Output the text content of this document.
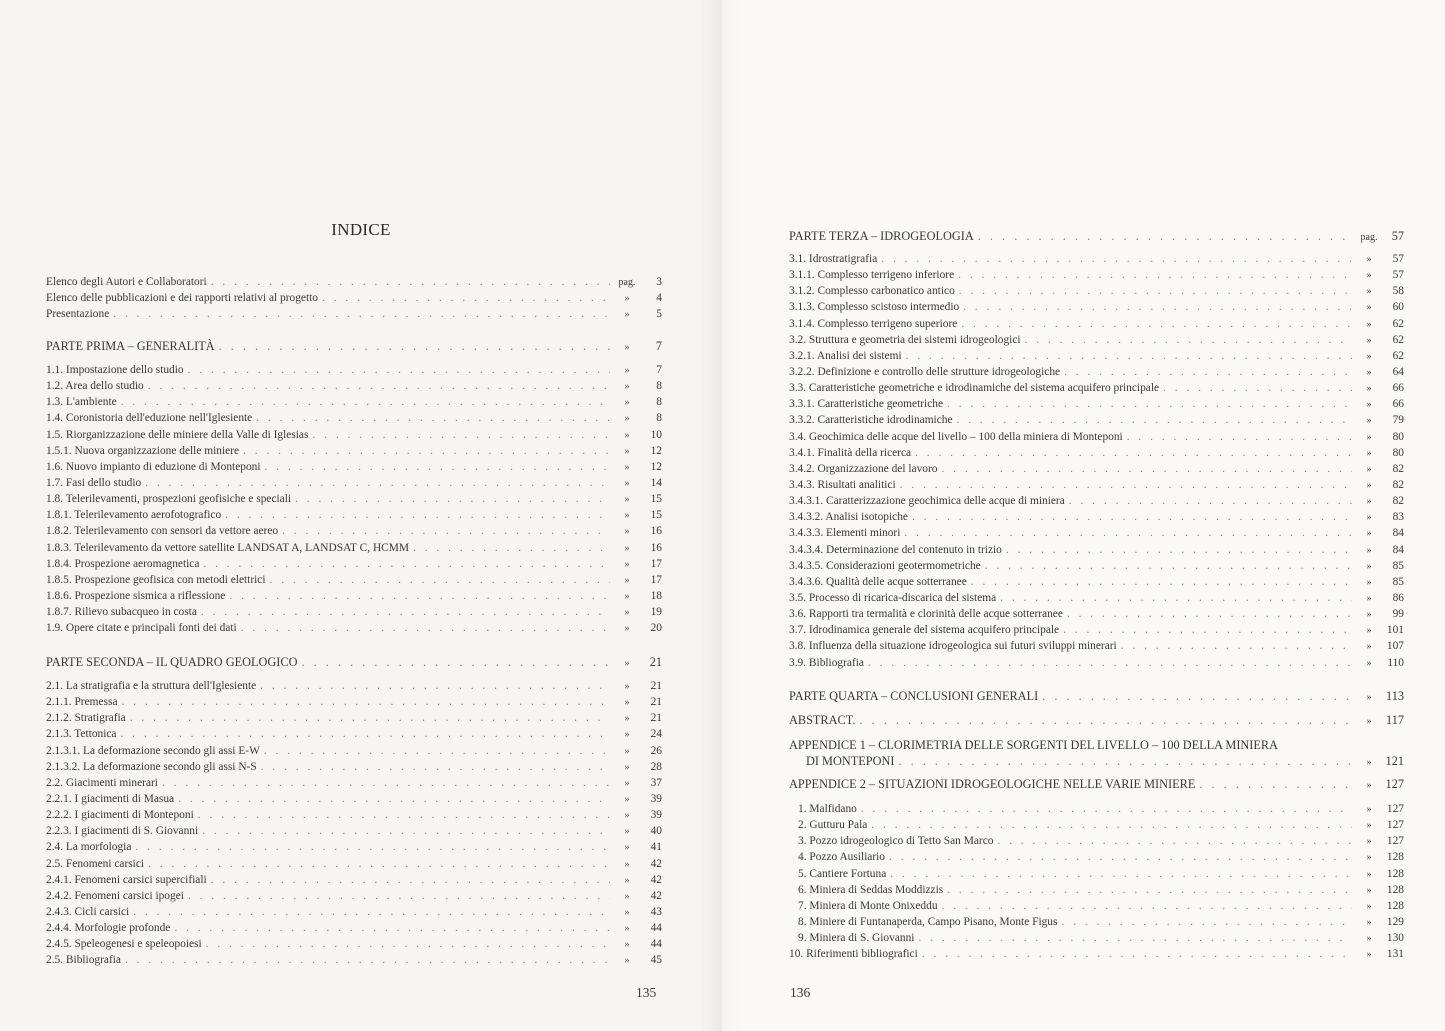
INDICE
Elenco degli Autori e Collaboratori . . .	pag.	3
Elenco delle pubblicazioni e dei rapporti relativi al progetto . . .	»	4
Presentazione . . .	»	5
PARTE PRIMA – GENERALITÀ . . .	»	7
1.1. Impostazione dello studio . . .	»	7
1.2. Area dello studio . . .	»	8
1.3. L'ambiente . . .	»	8
1.4. Coronistoria dell'eduzione nell'Iglesiente . . .	»	8
1.5. Riorganizzazione delle miniere della Valle di Iglesias . . .	»	10
1.5.1. Nuova organizzazione delle miniere . . .	»	12
1.6. Nuovo impianto di eduzione di Monteponi . . .	»	12
1.7. Fasi dello studio . . .	»	14
1.8. Telerilevamenti, prospezioni geofisiche e speciali . . .	»	15
1.8.1. Telerilevamento aerofotografico . . .	»	15
1.8.2. Telerilevamento con sensori da vettore aereo . . .	»	16
1.8.3. Telerilevamento da vettore satellite LANDSAT A, LANDSAT C, HCMM . . .	»	16
1.8.4. Prospezione aeromagnetica . . .	»	17
1.8.5. Prospezione geofisica con metodi elettrici . . .	»	17
1.8.6. Prospezione sismica a riflessione . . .	»	18
1.8.7. Rilievo subacqueo in costa . . .	»	19
1.9. Opere citate e principali fonti dei dati . . .	»	20
PARTE SECONDA – IL QUADRO GEOLOGICO . . .	»	21
2.1. La stratigrafia e la struttura dell'Iglesiente . . .	»	21
2.1.1. Premessa . . .	»	21
2.1.2. Stratigrafia . . .	»	21
2.1.3. Tettonica . . .	»	24
2.1.3.1. La deformazione secondo gli assi E-W . . .	»	26
2.1.3.2. La deformazione secondo gli assi N-S . . .	»	28
2.2. Giacimenti minerari . . .	»	37
2.2.1. I giacimenti di Masua . . .	»	39
2.2.2. I giacimenti di Monteponi . . .	»	39
2.2.3. I giacimenti di S. Giovanni . . .	»	40
2.4. La morfologia . . .	»	41
2.5. Fenomeni carsici . . .	»	42
2.4.1. Fenomeni carsici supercifiali . . .	»	42
2.4.2. Fenomeni carsici ipogei . . .	»	42
2.4.3. Cicli carsici . . .	»	43
2.4.4. Morfologie profonde . . .	»	44
2.4.5. Speleogenesi e speleopoiesi . . .	»	44
2.5. Bibliografia . . .	»	45
135
PARTE TERZA – IDROGEOLOGIA . . .	pag.	57
3.1. Idrostratigrafia . . .	»	57
3.1.1. Complesso terrigeno inferiore . . .	»	57
3.1.2. Complesso carbonatico antico . . .	»	58
3.1.3. Complesso scistoso intermedio . . .	»	60
3.1.4. Complesso terrigeno superiore . . .	»	62
3.2. Struttura e geometria dei sistemi idrogeologici . . .	»	62
3.2.1. Analisi dei sistemi . . .	»	62
3.2.2. Definizione e controllo delle strutture idrogeologiche . . .	»	64
3.3. Caratteristiche geometriche e idrodinamiche del sistema acquifero principale . . .	»	66
3.3.1. Caratteristiche geometriche . . .	»	66
3.3.2. Caratteristiche idrodinamiche . . .	»	79
3.4. Geochimica delle acque del livello – 100 della miniera di Monteponi . . .	»	80
3.4.1. Finalità della ricerca . . .	»	80
3.4.2. Organizzazione del lavoro . . .	»	82
3.4.3. Risultati analitici . . .	»	82
3.4.3.1. Caratterizzazione geochimica delle acque di miniera . . .	»	82
3.4.3.2. Analisi isotopiche . . .	»	83
3.4.3.3. Elementi minori . . .	»	84
3.4.3.4. Determinazione del contenuto in trizio . . .	»	84
3.4.3.5. Considerazioni geotermometriche . . .	»	85
3.4.3.6. Qualità delle acque sotterranee . . .	»	85
3.5. Processo di ricarica-discarica del sistema . . .	»	86
3.6. Rapporti tra termalità e clorinità delle acque sotterranee . . .	»	99
3.7. Idrodinamica generale del sistema acquifero principale . . .	»	101
3.8. Influenza della situazione idrogeologica sui futuri sviluppi minerari . . .	»	107
3.9. Bibliografia . . .	»	110
PARTE QUARTA – CONCLUSIONI GENERALI . . .	»	113
ABSTRACT. . . .	»	117
APPENDICE 1 – CLORIMETRIA DELLE SORGENTI DEL LIVELLO – 100 DELLA MINIERA
DI MONTEPONI . . .	»	121
APPENDICE 2 – SITUAZIONI IDROGEOLOGICHE NELLE VARIE MINIERE . . .	»	127
1. Malfidano . . .	»	127
2. Gutturu Pala . . .	»	127
3. Pozzo idrogeologico di Tetto San Marco . . .	»	127
4. Pozzo Ausiliario . . .	»	128
5. Cantiere Fortuna . . .	»	128
6. Miniera di Seddas Moddizzis . . .	»	128
7. Miniera di Monte Onixeddu . . .	»	128
8. Miniere di Funtanaperda, Campo Pisano, Monte Figus . . .	»	129
9. Miniera di S. Giovanni . . .	»	130
10. Riferimenti bibliografici . . .	»	131
136
